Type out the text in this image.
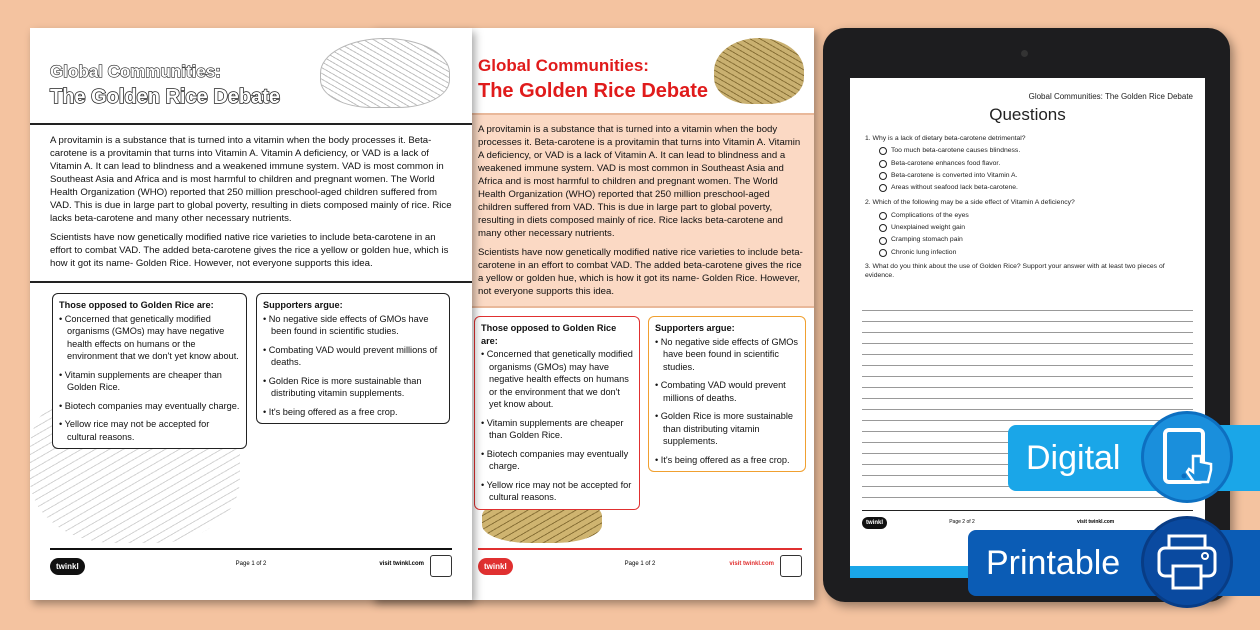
Global Communities:
The Golden Rice Debate

A provitamin is a substance that is turned into a vitamin when the body processes it. Beta-carotene is a provitamin that turns into Vitamin A. Vitamin A deficiency, or VAD is a lack of Vitamin A. It can lead to blindness and a weakened immune system. VAD is most common in Southeast Asia and Africa and is most harmful to children and pregnant women. The World Health Organization (WHO) reported that 250 million preschool-aged children suffered from VAD. This is due in large part to global poverty, resulting in diets composed mainly of rice. Rice lacks beta-carotene and many other necessary nutrients.

Scientists have now genetically modified native rice varieties to include beta-carotene in an effort to combat VAD. The added beta-carotene gives the rice a yellow or golden hue, which is how it got its name- Golden Rice. However, not everyone supports this idea.

Those opposed to Golden Rice are:
• Concerned that genetically modified organisms (GMOs) may have negative health effects on humans or the environment that we don't yet know about.
• Vitamin supplements are cheaper than Golden Rice.
• Biotech companies may eventually charge.
• Yellow rice may not be accepted for cultural reasons.
Supporters argue:
• No negative side effects of GMOs have been found in scientific studies.
• Combating VAD would prevent millions of deaths.
• Golden Rice is more sustainable than distributing vitamin supplements.
• It's being offered as a free crop.
twinkl	Page 1 of 2	visit twinkl.com
Global Communities:
The Golden Rice Debate

A provitamin is a substance that is turned into a vitamin when the body processes it. Beta-carotene is a provitamin that turns into Vitamin A. Vitamin A deficiency, or VAD is a lack of Vitamin A. It can lead to blindness and a weakened immune system. VAD is most common in Southeast Asia and Africa and is most harmful to children and pregnant women. The World Health Organization (WHO) reported that 250 million preschool-aged children suffered from VAD. This is due in large part to global poverty, resulting in diets composed mainly of rice. Rice lacks beta-carotene and many other necessary nutrients.

Scientists have now genetically modified native rice varieties to include beta-carotene in an effort to combat VAD. The added beta-carotene gives the rice a yellow or golden hue, which is how it got its name- Golden Rice. However, not everyone supports this idea.

Those opposed to Golden Rice are:
• Concerned that genetically modified organisms (GMOs) may have negative health effects on humans or the environment that we don't yet know about.
• Vitamin supplements are cheaper than Golden Rice.
• Biotech companies may eventually charge.
• Yellow rice may not be accepted for cultural reasons.
Supporters argue:
• No negative side effects of GMOs have been found in scientific studies.
• Combating VAD would prevent millions of deaths.
• Golden Rice is more sustainable than distributing vitamin supplements.
• It's being offered as a free crop.
twinkl	Page 1 of 2	visit twinkl.com
Global Communities: The Golden Rice Debate
Questions
1. Why is a lack of dietary beta-carotene detrimental?
Too much beta-carotene causes blindness.
Beta-carotene enhances food flavor.
Beta-carotene is converted into Vitamin A.
Areas without seafood lack beta-carotene.
2. Which of the following may be a side effect of Vitamin A deficiency?
Complications of the eyes
Unexplained weight gain
Cramping stomach pain
Chronic lung infection
3. What do you think about the use of Golden Rice? Support your answer with at least two pieces of evidence.
twinkl	Page 2 of 2	visit twinkl.com
Digital
Printable
